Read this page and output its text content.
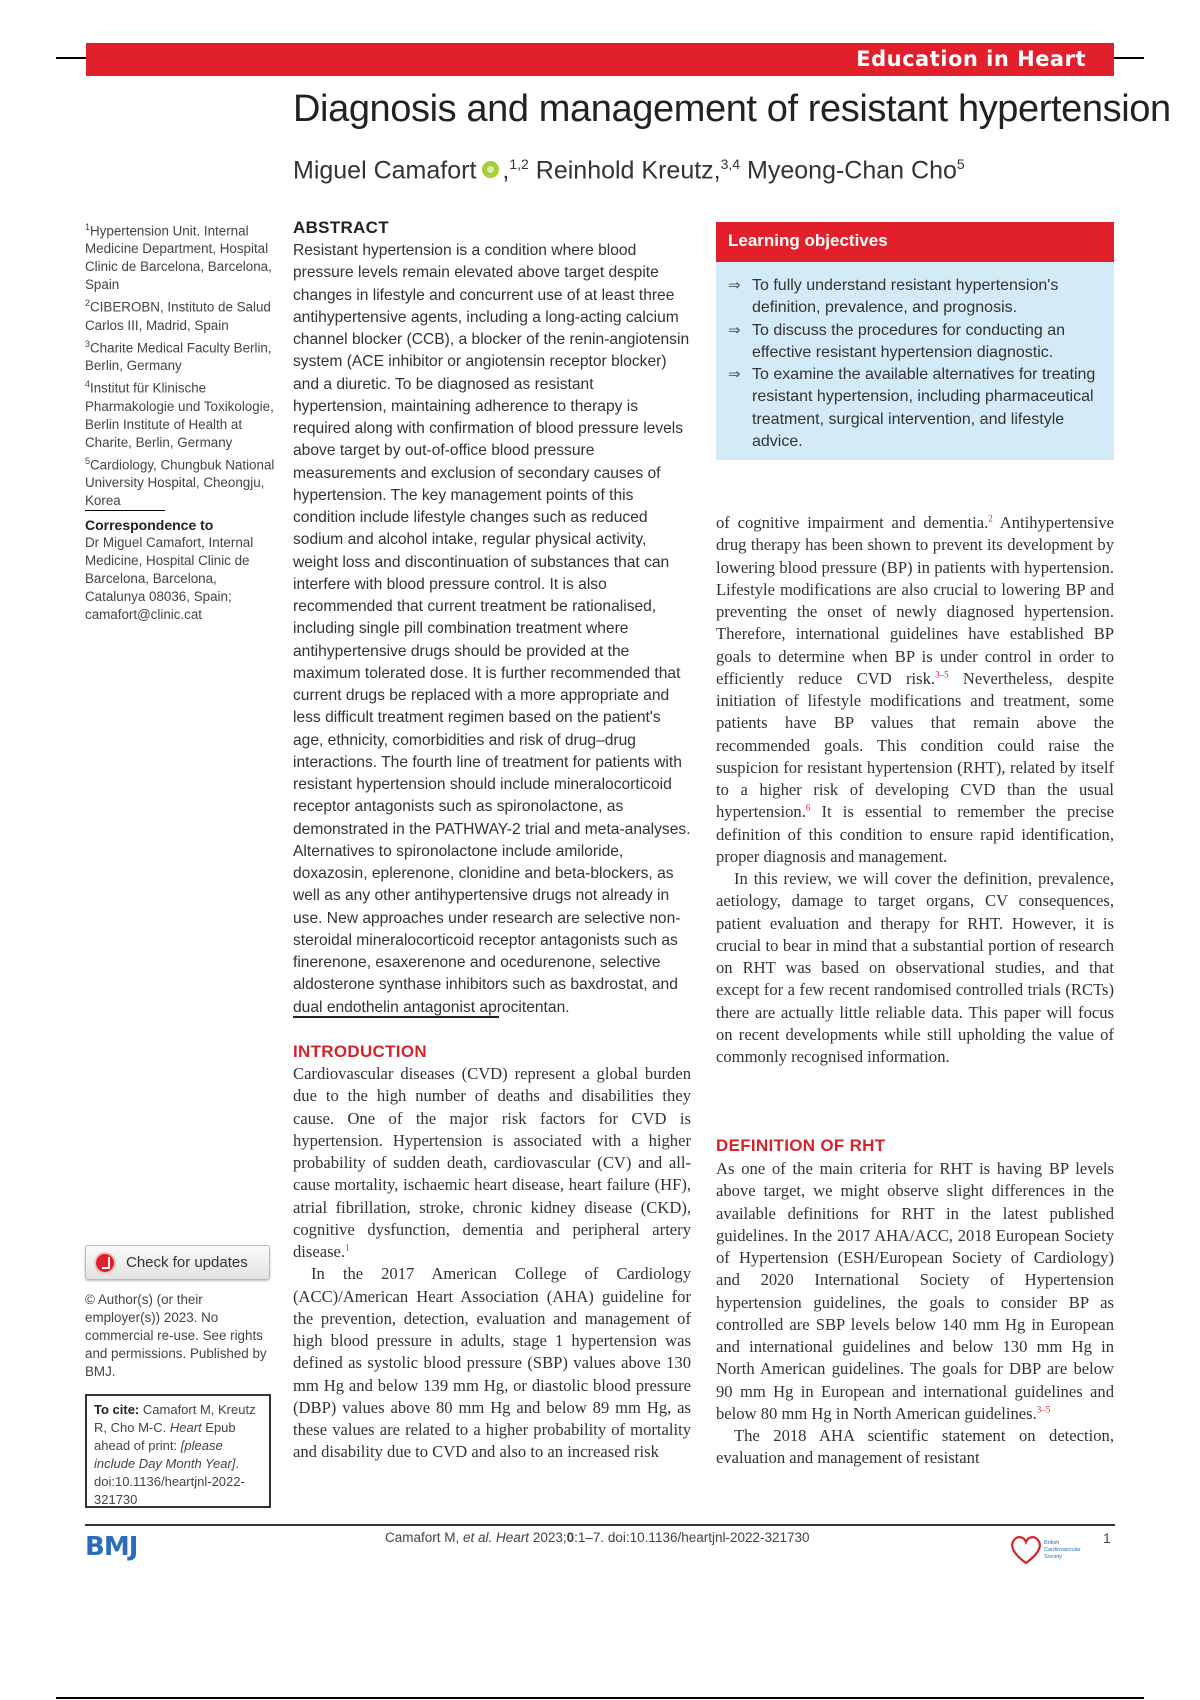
Education in Heart
Diagnosis and management of resistant hypertension
Miguel Camafort ,$^{1,2}$ Reinhold Kreutz,$^{3,4}$ Myeong-Chan Cho$^5$
$^1$Hypertension Unit. Internal Medicine Department, Hospital Clinic de Barcelona, Barcelona, Spain
$^2$CIBEROBN, Instituto de Salud Carlos III, Madrid, Spain
$^3$Charite Medical Faculty Berlin, Berlin, Germany
$^4$Institut für Klinische Pharmakologie und Toxikologie, Berlin Institute of Health at Charite, Berlin, Germany
$^5$Cardiology, Chungbuk National University Hospital, Cheongju, Korea
Correspondence to
Dr Miguel Camafort, Internal Medicine, Hospital Clinic de Barcelona, Barcelona, Catalunya 08036, Spain; camafort@clinic.cat
Check for updates
© Author(s) (or their employer(s)) 2023. No commercial re-use. See rights and permissions. Published by BMJ.
To cite: Camafort M, Kreutz R, Cho M-C. Heart Epub ahead of print: [please include Day Month Year]. doi:10.1136/heartjnl-2022-321730
ABSTRACT
Resistant hypertension is a condition where blood pressure levels remain elevated above target despite changes in lifestyle and concurrent use of at least three antihypertensive agents, including a long-acting calcium channel blocker (CCB), a blocker of the renin-angiotensin system (ACE inhibitor or angiotensin receptor blocker) and a diuretic. To be diagnosed as resistant hypertension, maintaining adherence to therapy is required along with confirmation of blood pressure levels above target by out-of-office blood pressure measurements and exclusion of secondary causes of hypertension. The key management points of this condition include lifestyle changes such as reduced sodium and alcohol intake, regular physical activity, weight loss and discontinuation of substances that can interfere with blood pressure control. It is also recommended that current treatment be rationalised, including single pill combination treatment where antihypertensive drugs should be provided at the maximum tolerated dose. It is further recommended that current drugs be replaced with a more appropriate and less difficult treatment regimen based on the patient's age, ethnicity, comorbidities and risk of drug–drug interactions. The fourth line of treatment for patients with resistant hypertension should include mineralocorticoid receptor antagonists such as spironolactone, as demonstrated in the PATHWAY-2 trial and meta-analyses. Alternatives to spironolactone include amiloride, doxazosin, eplerenone, clonidine and beta-blockers, as well as any other antihypertensive drugs not already in use. New approaches under research are selective non-steroidal mineralocorticoid receptor antagonists such as finerenone, esaxerenone and ocedurenone, selective aldosterone synthase inhibitors such as baxdrostat, and dual endothelin antagonist aprocitentan.
INTRODUCTION

Cardiovascular diseases (CVD) represent a global burden due to the high number of deaths and disabilities they cause. One of the major risk factors for CVD is hypertension. Hypertension is associated with a higher probability of sudden death, cardiovascular (CV) and all-cause mortality, ischaemic heart disease, heart failure (HF), atrial fibrillation, stroke, chronic kidney disease (CKD), cognitive dysfunction, dementia and peripheral artery disease.$^1$

In the 2017 American College of Cardiology (ACC)/American Heart Association (AHA) guideline for the prevention, detection, evaluation and management of high blood pressure in adults, stage 1 hypertension was defined as systolic blood pressure (SBP) values above 130 mm Hg and below 139 mm Hg, or diastolic blood pressure (DBP) values above 80 mm Hg and below 89 mm Hg, as these values are related to a higher probability of mortality and disability due to CVD and also to an increased risk

Learning objectives
⇒ To fully understand resistant hypertension's definition, prevalence, and prognosis.
⇒ To discuss the procedures for conducting an effective resistant hypertension diagnostic.
⇒ To examine the available alternatives for treating resistant hypertension, including pharmaceutical treatment, surgical intervention, and lifestyle advice.

of cognitive impairment and dementia.$^2$ Antihypertensive drug therapy has been shown to prevent its development by lowering blood pressure (BP) in patients with hypertension. Lifestyle modifications are also crucial to lowering BP and preventing the onset of newly diagnosed hypertension. Therefore, international guidelines have established BP goals to determine when BP is under control in order to efficiently reduce CVD risk.$^{3-5}$ Nevertheless, despite initiation of lifestyle modifications and treatment, some patients have BP values that remain above the recommended goals. This condition could raise the suspicion for resistant hypertension (RHT), related by itself to a higher risk of developing CVD than the usual hypertension.$^6$ It is essential to remember the precise definition of this condition to ensure rapid identification, proper diagnosis and management.

In this review, we will cover the definition, prevalence, aetiology, damage to target organs, CV consequences, patient evaluation and therapy for RHT. However, it is crucial to bear in mind that a substantial portion of research on RHT was based on observational studies, and that except for a few recent randomised controlled trials (RCTs) there are actually little reliable data. This paper will focus on recent developments while still upholding the value of commonly recognised information.

DEFINITION OF RHT

As one of the main criteria for RHT is having BP levels above target, we might observe slight differences in the available definitions for RHT in the latest published guidelines. In the 2017 AHA/ACC, 2018 European Society of Hypertension (ESH/European Society of Cardiology) and 2020 International Society of Hypertension hypertension guidelines, the goals to consider BP as controlled are SBP levels below 140 mm Hg in European and international guidelines and below 130 mm Hg in North American guidelines. The goals for DBP are below 90 mm Hg in European and international guidelines and below 80 mm Hg in North American guidelines.$^{3-5}$

The 2018 AHA scientific statement on detection, evaluation and management of resistant

BMJ	Camafort M, et al. Heart 2023;0:1–7. doi:10.1136/heartjnl-2022-321730	British
Cardiovascular
Society
1
